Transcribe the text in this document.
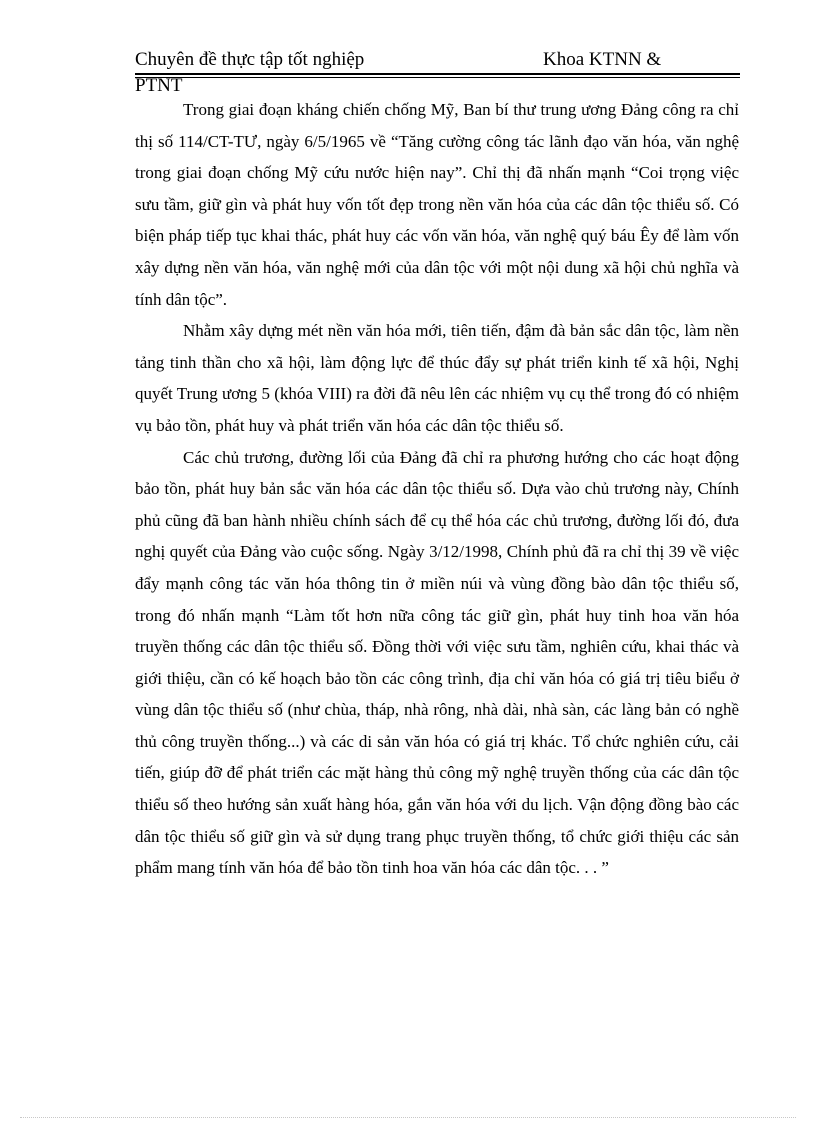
Chuyên đề thực tập tốt nghiệp	Khoa KTNN &
PTNT

Trong giai đoạn kháng chiến chống Mỹ, Ban bí thư trung ương Đảng công ra chỉ thị số 114/CT-TƯ, ngày 6/5/1965 về “Tăng cường công tác lãnh đạo văn hóa, văn nghệ trong giai đoạn chống Mỹ cứu nước hiện nay”. Chỉ thị đã nhấn mạnh “Coi trọng việc sưu tầm, giữ gìn và phát huy vốn tốt đẹp trong nền văn hóa của các dân tộc thiểu số. Có biện pháp tiếp tục khai thác, phát huy các vốn văn hóa, văn nghệ quý báu Êy để làm vốn xây dựng nền văn hóa, văn nghệ mới của dân tộc với một nội dung xã hội chủ nghĩa và tính dân tộc”.

Nhằm xây dựng mét nền văn hóa mới, tiên tiến, đậm đà bản sắc dân tộc, làm nền tảng tinh thần cho xã hội, làm động lực để thúc đẩy sự phát triển kinh tế xã hội, Nghị quyết Trung ương 5 (khóa VIII) ra đời đã nêu lên các nhiệm vụ cụ thể trong đó có nhiệm vụ bảo tồn, phát huy và phát triển văn hóa các dân tộc thiểu số.

Các chủ trương, đường lối của Đảng đã chỉ ra phương hướng cho các hoạt động bảo tồn, phát huy bản sắc văn hóa các dân tộc thiểu số. Dựa vào chủ trương này, Chính phủ cũng đã ban hành nhiều chính sách để cụ thể hóa các chủ trương, đường lối đó, đưa nghị quyết của Đảng vào cuộc sống. Ngày 3/12/1998, Chính phủ đã ra chỉ thị 39 về việc đẩy mạnh công tác văn hóa thông tin ở miền núi và vùng đồng bào dân tộc thiểu số, trong đó nhấn mạnh “Làm tốt hơn nữa công tác giữ gìn, phát huy tinh hoa văn hóa truyền thống các dân tộc thiểu số. Đồng thời với việc sưu tầm, nghiên cứu, khai thác và giới thiệu, cần có kế hoạch bảo tồn các công trình, địa chỉ văn hóa có giá trị tiêu biểu ở vùng dân tộc thiểu số (như chùa, tháp, nhà rông, nhà dài, nhà sàn, các làng bản có nghề thủ công truyền thống...) và các di sản văn hóa có giá trị khác. Tổ chức nghiên cứu, cải tiến, giúp đỡ để phát triển các mặt hàng thủ công mỹ nghệ truyền thống của các dân tộc thiểu số theo hướng sản xuất hàng hóa, gắn văn hóa với du lịch. Vận động đồng bào các dân tộc thiểu số giữ gìn và sử dụng trang phục truyền thống, tổ chức giới thiệu các sản phẩm mang tính văn hóa để bảo tồn tinh hoa văn hóa các dân tộc. . . ”
